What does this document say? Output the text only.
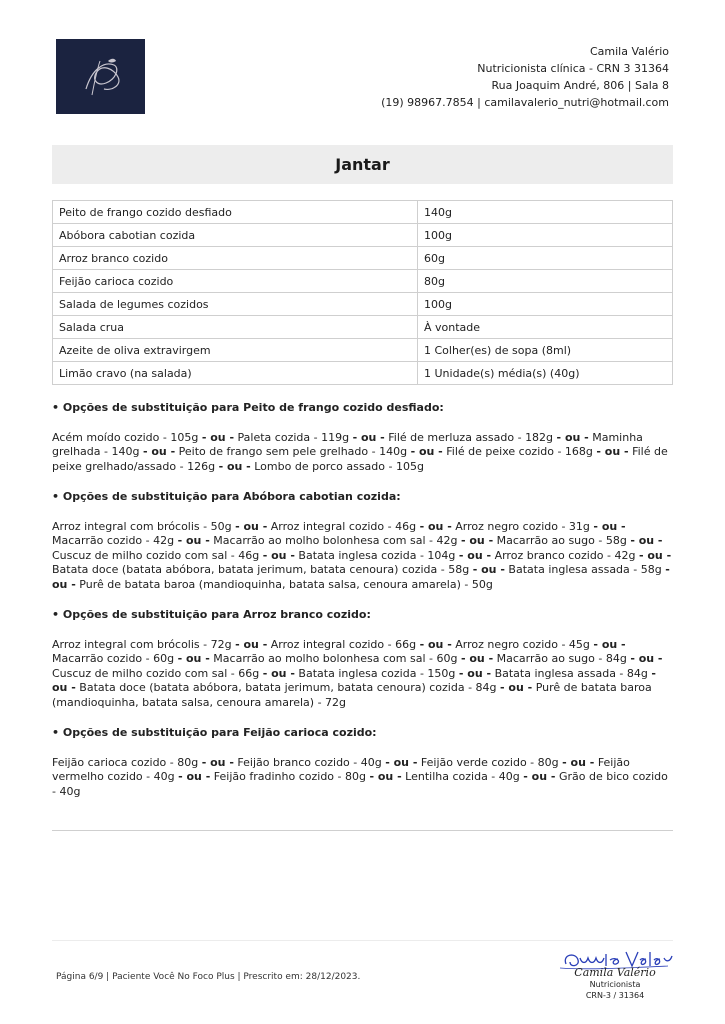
Camila Valério
Nutricionista clínica - CRN 3 31364
Rua Joaquim André, 806 | Sala 8
(19) 98967.7854 | camilavalerio_nutri@hotmail.com
Jantar
Peito de frango cozido desfiado	140g
Abóbora cabotian cozida	100g
Arroz branco cozido	60g
Feijão carioca cozido	80g
Salada de legumes cozidos	100g
Salada crua	À vontade
Azeite de oliva extravirgem	1 Colher(es) de sopa (8ml)
Limão cravo (na salada)	1 Unidade(s) média(s) (40g)
• Opções de substituição para Peito de frango cozido desfiado:

Acém moído cozido - 105g - ou - Paleta cozida - 119g - ou - Filé de merluza assado - 182g - ou - Maminha grelhada - 140g - ou - Peito de frango sem pele grelhado - 140g - ou - Filé de peixe cozido - 168g - ou - Filé de peixe grelhado/assado - 126g - ou - Lombo de porco assado - 105g

• Opções de substituição para Abóbora cabotian cozida:

Arroz integral com brócolis - 50g - ou - Arroz integral cozido - 46g - ou - Arroz negro cozido - 31g - ou - Macarrão cozido - 42g - ou - Macarrão ao molho bolonhesa com sal - 42g - ou - Macarrão ao sugo - 58g - ou - Cuscuz de milho cozido com sal - 46g - ou - Batata inglesa cozida - 104g - ou - Arroz branco cozido - 42g - ou - Batata doce (batata abóbora, batata jerimum, batata cenoura) cozida - 58g - ou - Batata inglesa assada - 58g - ou - Purê de batata baroa (mandioquinha, batata salsa, cenoura amarela) - 50g

• Opções de substituição para Arroz branco cozido:

Arroz integral com brócolis - 72g - ou - Arroz integral cozido - 66g - ou - Arroz negro cozido - 45g - ou - Macarrão cozido - 60g - ou - Macarrão ao molho bolonhesa com sal - 60g - ou - Macarrão ao sugo - 84g - ou - Cuscuz de milho cozido com sal - 66g - ou - Batata inglesa cozida - 150g - ou - Batata inglesa assada - 84g - ou - Batata doce (batata abóbora, batata jerimum, batata cenoura) cozida - 84g - ou - Purê de batata baroa (mandioquinha, batata salsa, cenoura amarela) - 72g

• Opções de substituição para Feijão carioca cozido:

Feijão carioca cozido - 80g - ou - Feijão branco cozido - 40g - ou - Feijão verde cozido - 80g - ou - Feijão vermelho cozido - 40g - ou - Feijão fradinho cozido - 80g - ou - Lentilha cozida - 40g - ou - Grão de bico cozido - 40g

Página 6/9 | Paciente Você No Foco Plus | Prescrito em: 28/12/2023.	Camila Valério
Nutricionista
CRN-3 / 31364
